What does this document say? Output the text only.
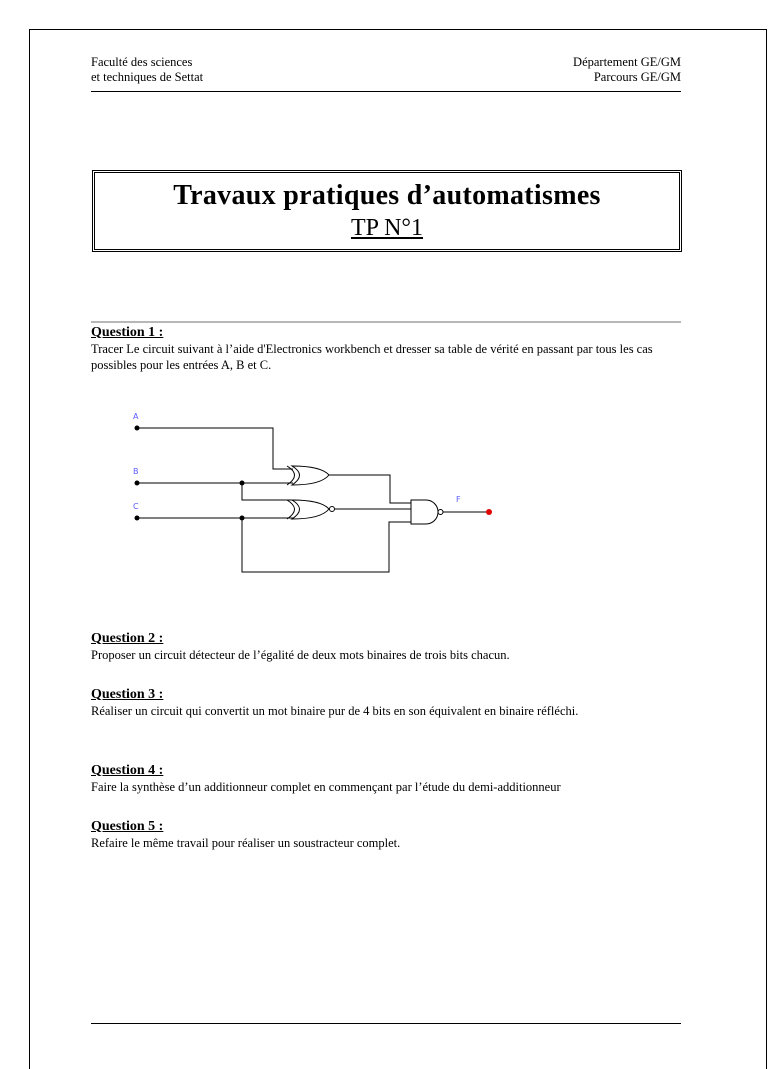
Faculté des sciences
et techniques de Settat
Département GE/GM
Parcours GE/GM
Travaux pratiques d’automatismes
TP N°1
Question 1 :

Tracer Le circuit suivant à l’aide d'Electronics workbench et dresser sa table de vérité en passant par tous les cas possibles pour les entrées A, B et C.

A
B
C
F
Question 2 :

Proposer un circuit détecteur de l’égalité de deux mots binaires de trois bits chacun.

Question 3 :

Réaliser un circuit qui convertit un mot binaire pur de 4 bits en son équivalent en binaire réfléchi.

Question 4 :

Faire la synthèse d’un additionneur complet en commençant par l’étude du demi-additionneur

Question 5 :

Refaire le même travail pour réaliser un soustracteur complet.
